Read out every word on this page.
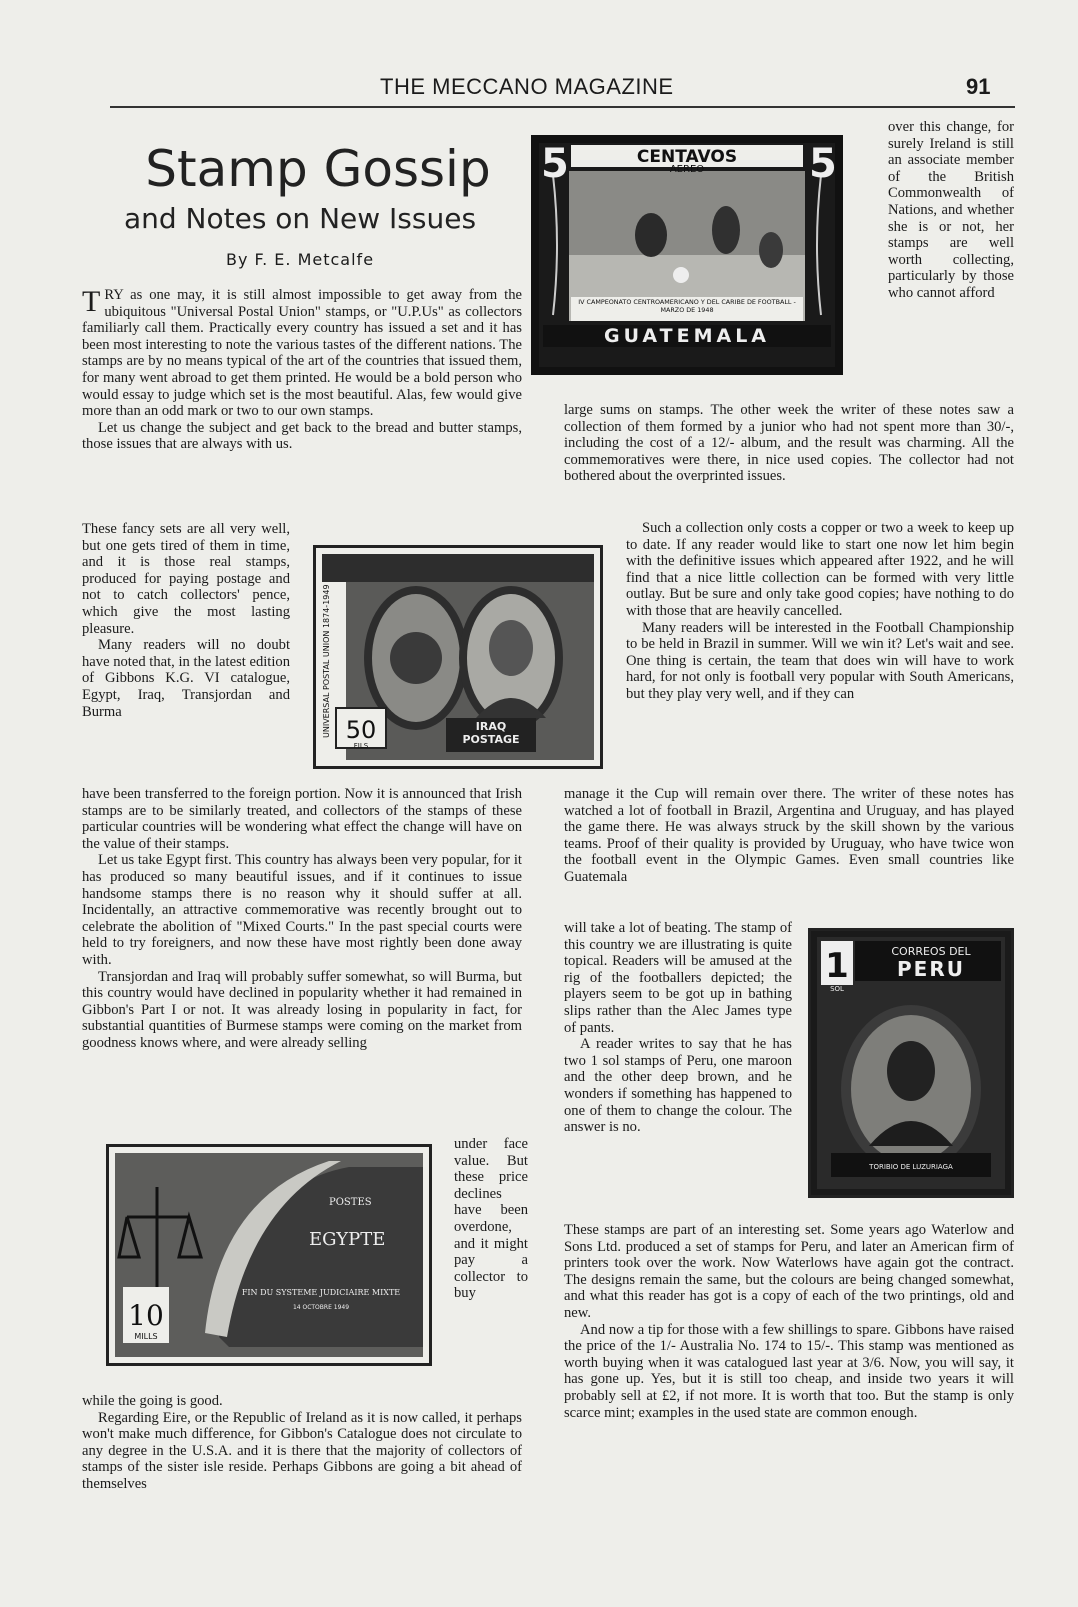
THE MECCANO MAGAZINE	91
Stamp Gossip
and Notes on New Issues
By F. E. Metcalfe
5	5
CENTAVOS
AEREO
IV CAMPEONATO CENTROAMERICANO Y DEL CARIBE DE FOOTBALL - MARZO DE 1948
GUATEMALA
UNIVERSAL POSTAL UNION 1874-1949 50
FILS
IRAQ POSTAGE
10
MILLS
POSTES
EGYPTE
FIN DU SYSTEME JUDICIAIRE MIXTE
14 OCTOBRE 1949
1
SOL
CORREOS DEL
PERU
TORIBIO DE LUZURIAGA

TRY as one may, it is still almost impossible to get away from the ubiquitous "Universal Postal Union" stamps, or "U.P.Us" as collectors familiarly call them. Practically every country has issued a set and it has been most interesting to note the various tastes of the different nations. The stamps are by no means typical of the art of the countries that issued them, for many went abroad to get them printed. He would be a bold person who would essay to judge which set is the most beautiful. Alas, few would give more than an odd mark or two to our own stamps.

Let us change the subject and get back to the bread and butter stamps, those issues that are always with us.

These fancy sets are all very well, but one gets tired of them in time, and it is those real stamps, produced for paying postage and not to catch collectors' pence, which give the most lasting pleasure.

Many readers will no doubt have noted that, in the latest edition of Gibbons K.G. VI catalogue, Egypt, Iraq, Transjordan and Burma

have been transferred to the foreign portion. Now it is announced that Irish stamps are to be similarly treated, and collectors of the stamps of these particular countries will be wondering what effect the change will have on the value of their stamps.

Let us take Egypt first. This country has always been very popular, for it has produced so many beautiful issues, and if it continues to issue handsome stamps there is no reason why it should suffer at all. Incidentally, an attractive commemorative was recently brought out to celebrate the abolition of "Mixed Courts." In the past special courts were held to try foreigners, and now these have most rightly been done away with.

Transjordan and Iraq will probably suffer somewhat, so will Burma, but this country would have declined in popularity whether it had remained in Gibbon's Part I or not. It was already losing in popularity in fact, for substantial quantities of Burmese stamps were coming on the market from goodness knows where, and were already selling

under face value. But these price declines have been overdone, and it might pay a collector to buy

while the going is good.

Regarding Eire, or the Republic of Ireland as it is now called, it perhaps won't make much difference, for Gibbon's Catalogue does not circulate to any degree in the U.S.A. and it is there that the majority of collectors of stamps of the sister isle reside. Perhaps Gibbons are going a bit ahead of themselves

over this change, for surely Ireland is still an associate member of the British Commonwealth of Nations, and whether she is or not, her stamps are well worth collecting, particularly by those who cannot afford

large sums on stamps. The other week the writer of these notes saw a collection of them formed by a junior who had not spent more than 30/-, including the cost of a 12/- album, and the result was charming. All the commemoratives were there, in nice used copies. The collector had not bothered about the overprinted issues.

Such a collection only costs a copper or two a week to keep up to date. If any reader would like to start one now let him begin with the definitive issues which appeared after 1922, and he will find that a nice little collection can be formed with very little outlay. But be sure and only take good copies; have nothing to do with those that are heavily cancelled.

Many readers will be interested in the Football Championship to be held in Brazil in summer. Will we win it? Let's wait and see. One thing is certain, the team that does win will have to work hard, for not only is football very popular with South Americans, but they play very well, and if they can

manage it the Cup will remain over there. The writer of these notes has watched a lot of football in Brazil, Argentina and Uruguay, and has played the game there. He was always struck by the skill shown by the various teams. Proof of their quality is provided by Uruguay, who have twice won the football event in the Olympic Games. Even small countries like Guatemala

will take a lot of beating. The stamp of this country we are illustrating is quite topical. Readers will be amused at the rig of the footballers depicted; the players seem to be got up in bathing slips rather than the Alec James type of pants.

A reader writes to say that he has two 1 sol stamps of Peru, one maroon and the other deep brown, and he wonders if something has happened to one of them to change the colour. The answer is no.

These stamps are part of an interesting set. Some years ago Waterlow and Sons Ltd. produced a set of stamps for Peru, and later an American firm of printers took over the work. Now Waterlows have again got the contract. The designs remain the same, but the colours are being changed somewhat, and what this reader has got is a copy of each of the two printings, old and new.

And now a tip for those with a few shillings to spare. Gibbons have raised the price of the 1/- Australia No. 174 to 15/-. This stamp was mentioned as worth buying when it was catalogued last year at 3/6. Now, you will say, it has gone up. Yes, but it is still too cheap, and inside two years it will probably sell at £2, if not more. It is worth that too. But the stamp is only scarce mint; examples in the used state are common enough.
